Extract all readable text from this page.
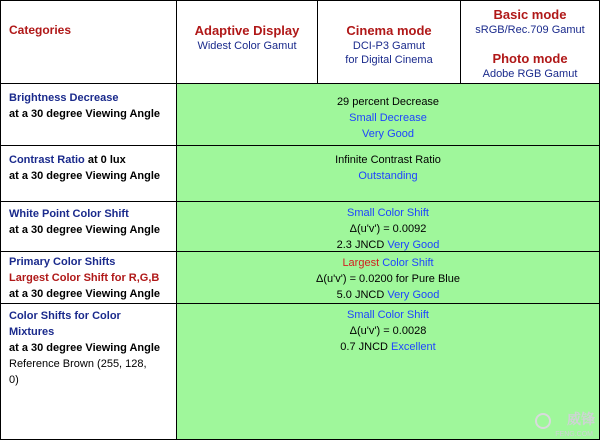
Categories	Adaptive Display
Widest Color Gamut
Cinema mode
DCI-P3 Gamut
for Digital Cinema
Basic mode
sRGB/Rec.709 Gamut
Photo mode
Adobe RGB Gamut
Brightness Decrease
at a 30 degree Viewing Angle
29 percent Decrease
Small Decrease
Very Good
Contrast Ratio at 0 lux
at a 30 degree Viewing Angle
Infinite Contrast Ratio
Outstanding
White Point Color Shift
at a 30 degree Viewing Angle
Small Color Shift
Δ(u'v') = 0.0092
2.3 JNCD Very Good
Primary Color Shifts
Largest Color Shift for R,G,B
at a 30 degree Viewing Angle
Largest Color Shift
Δ(u'v') = 0.0200 for Pure Blue
5.0 JNCD Very Good
Color Shifts for Color
Mixtures
at a 30 degree Viewing Angle
Reference Brown (255, 128,
0)
Small Color Shift
Δ(u'v') = 0.0028
0.7 JNCD Excellent
威锋
FENG.COM
